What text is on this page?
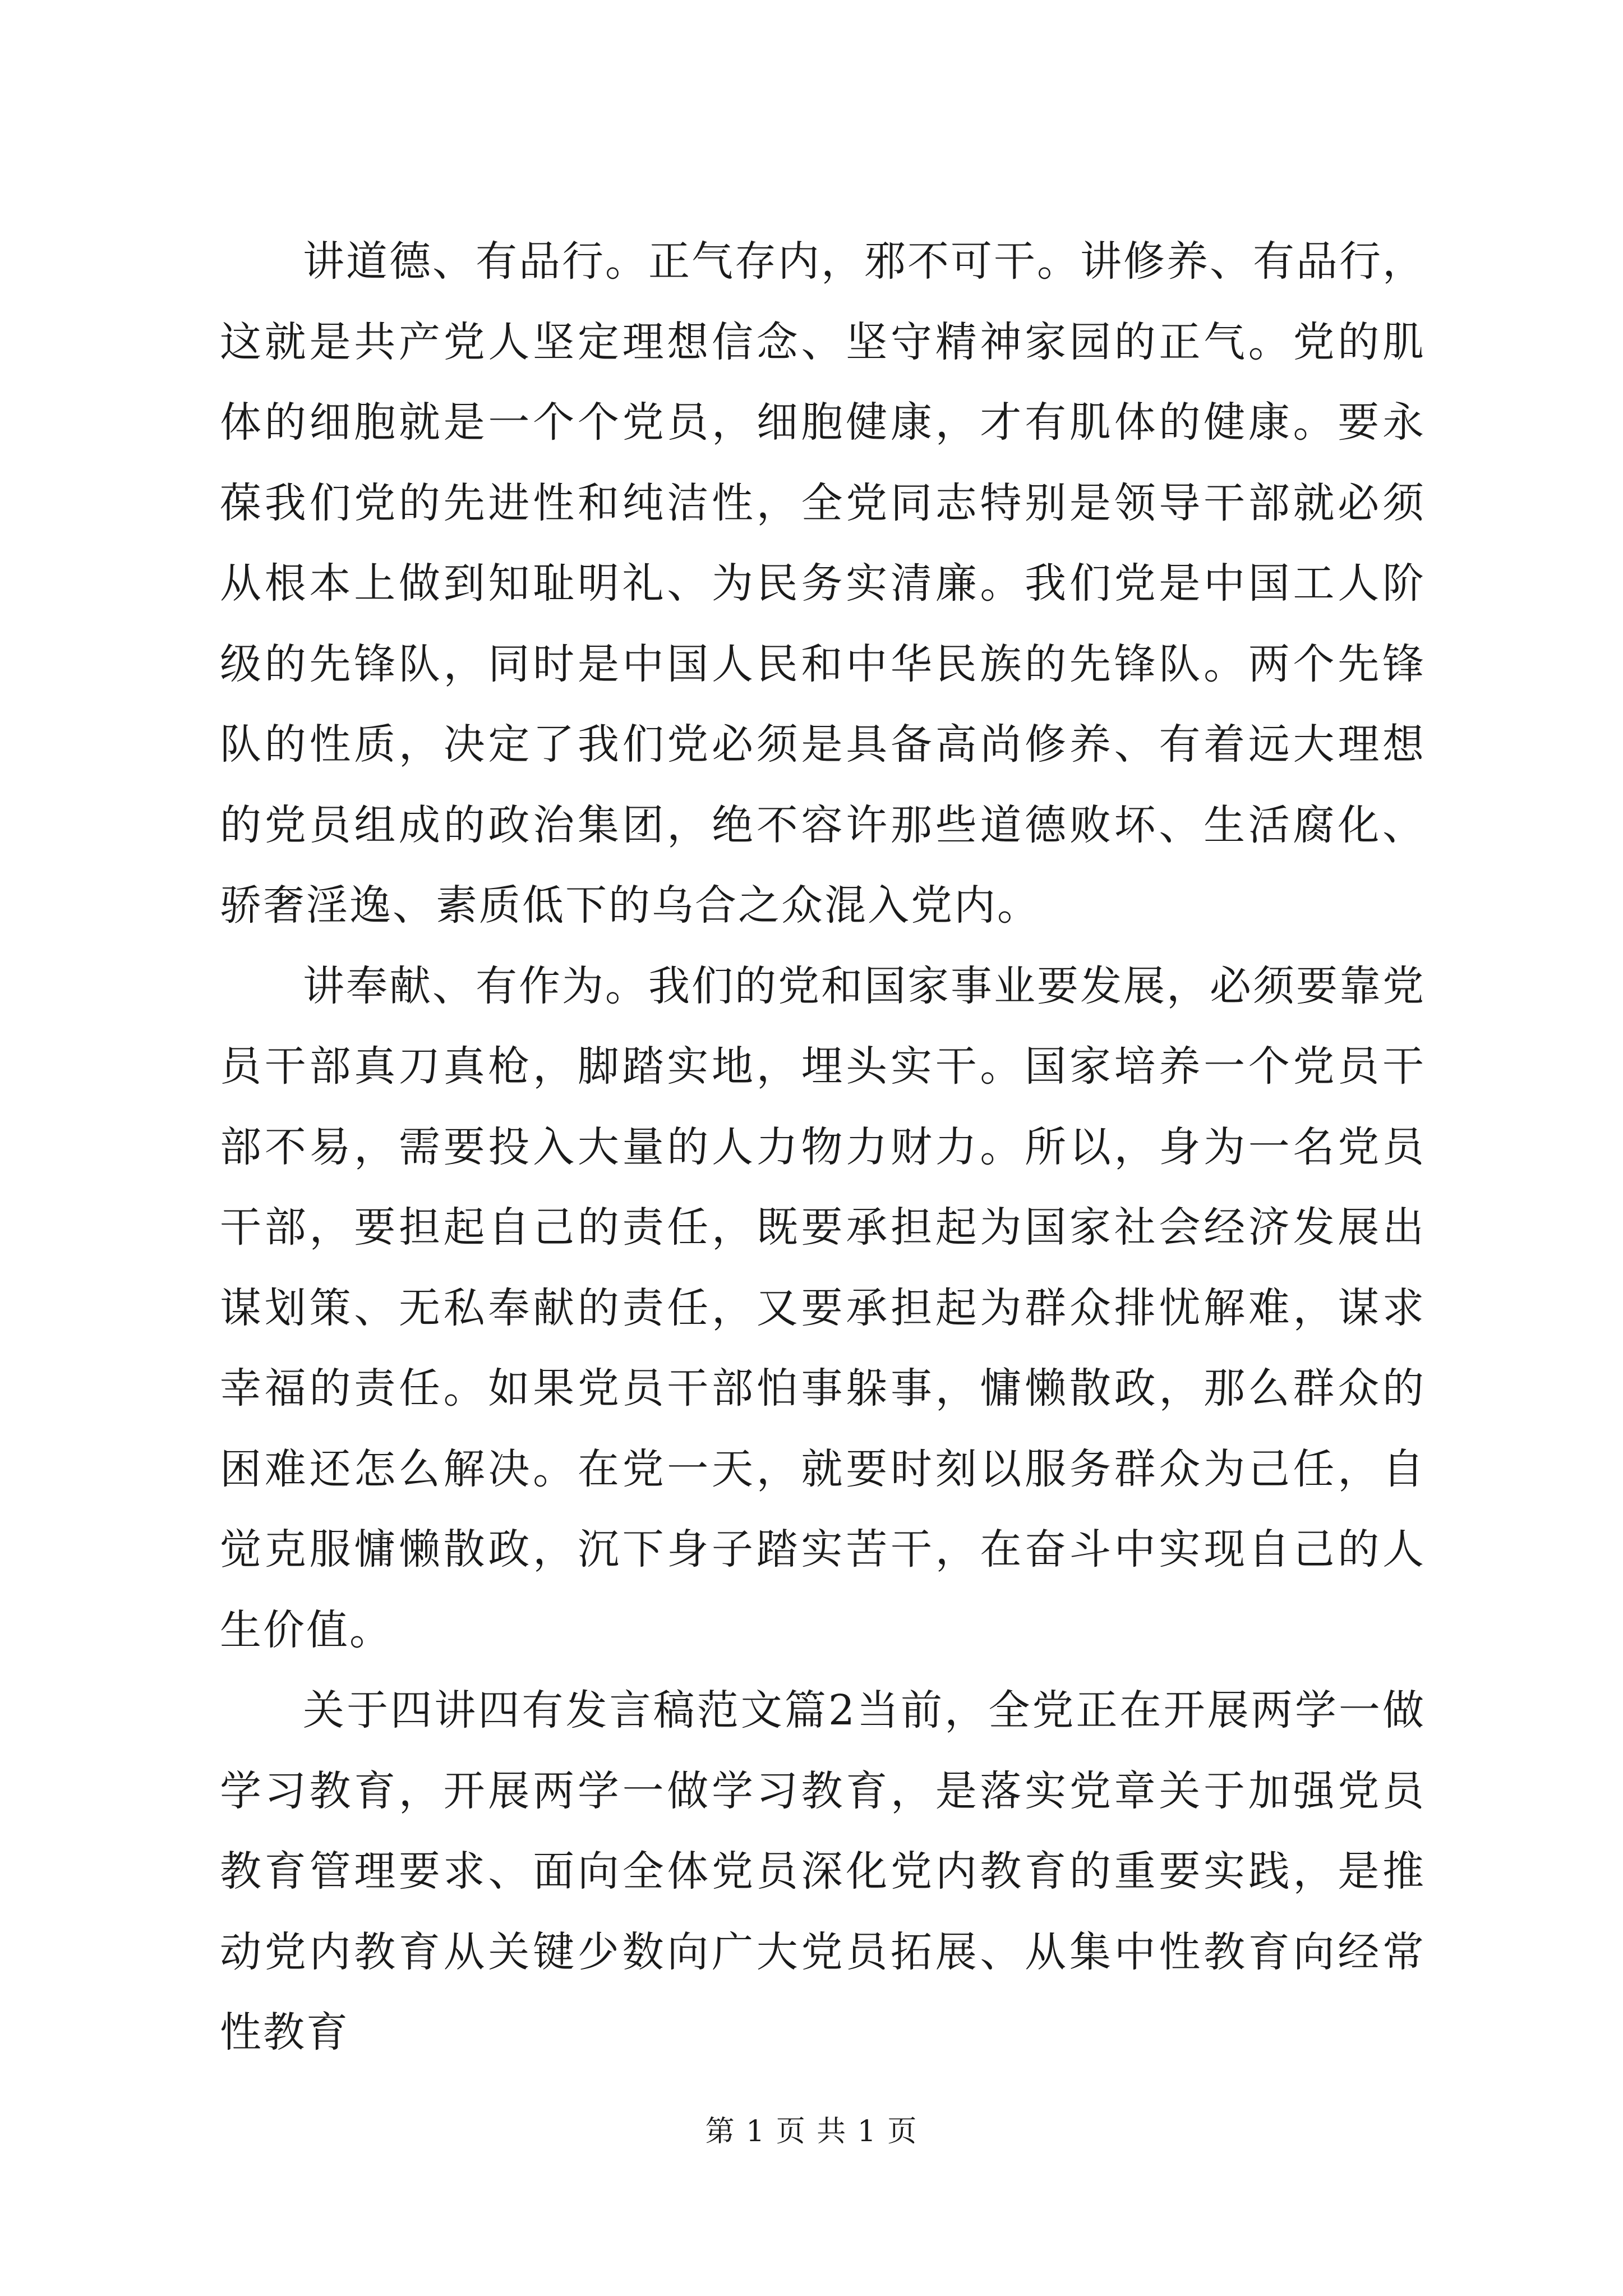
讲道德、有品行。正气存内，邪不可干。讲修养、有品行，这就是共产党人坚定理想信念、坚守精神家园的正气。党的肌体的细胞就是一个个党员，细胞健康，才有肌体的健康。要永葆我们党的先进性和纯洁性，全党同志特别是领导干部就必须从根本上做到知耻明礼、为民务实清廉。我们党是中国工人阶级的先锋队，同时是中国人民和中华民族的先锋队。两个先锋队的性质，决定了我们党必须是具备高尚修养、有着远大理想的党员组成的政治集团，绝不容许那些道德败坏、生活腐化、骄奢淫逸、素质低下的乌合之众混入党内。

讲奉献、有作为。我们的党和国家事业要发展，必须要靠党员干部真刀真枪，脚踏实地，埋头实干。国家培养一个党员干部不易，需要投入大量的人力物力财力。所以，身为一名党员干部，要担起自己的责任，既要承担起为国家社会经济发展出谋划策、无私奉献的责任，又要承担起为群众排忧解难，谋求幸福的责任。如果党员干部怕事躲事，慵懒散政，那么群众的困难还怎么解决。在党一天，就要时刻以服务群众为己任，自觉克服慵懒散政，沉下身子踏实苦干，在奋斗中实现自己的人生价值。

关于四讲四有发言稿范文篇2当前，全党正在开展两学一做学习教育，开展两学一做学习教育，是落实党章关于加强党员教育管理要求、面向全体党员深化党内教育的重要实践，是推动党内教育从关键少数向广大党员拓展、从集中性教育向经常性教育

第 1 页 共 1 页
